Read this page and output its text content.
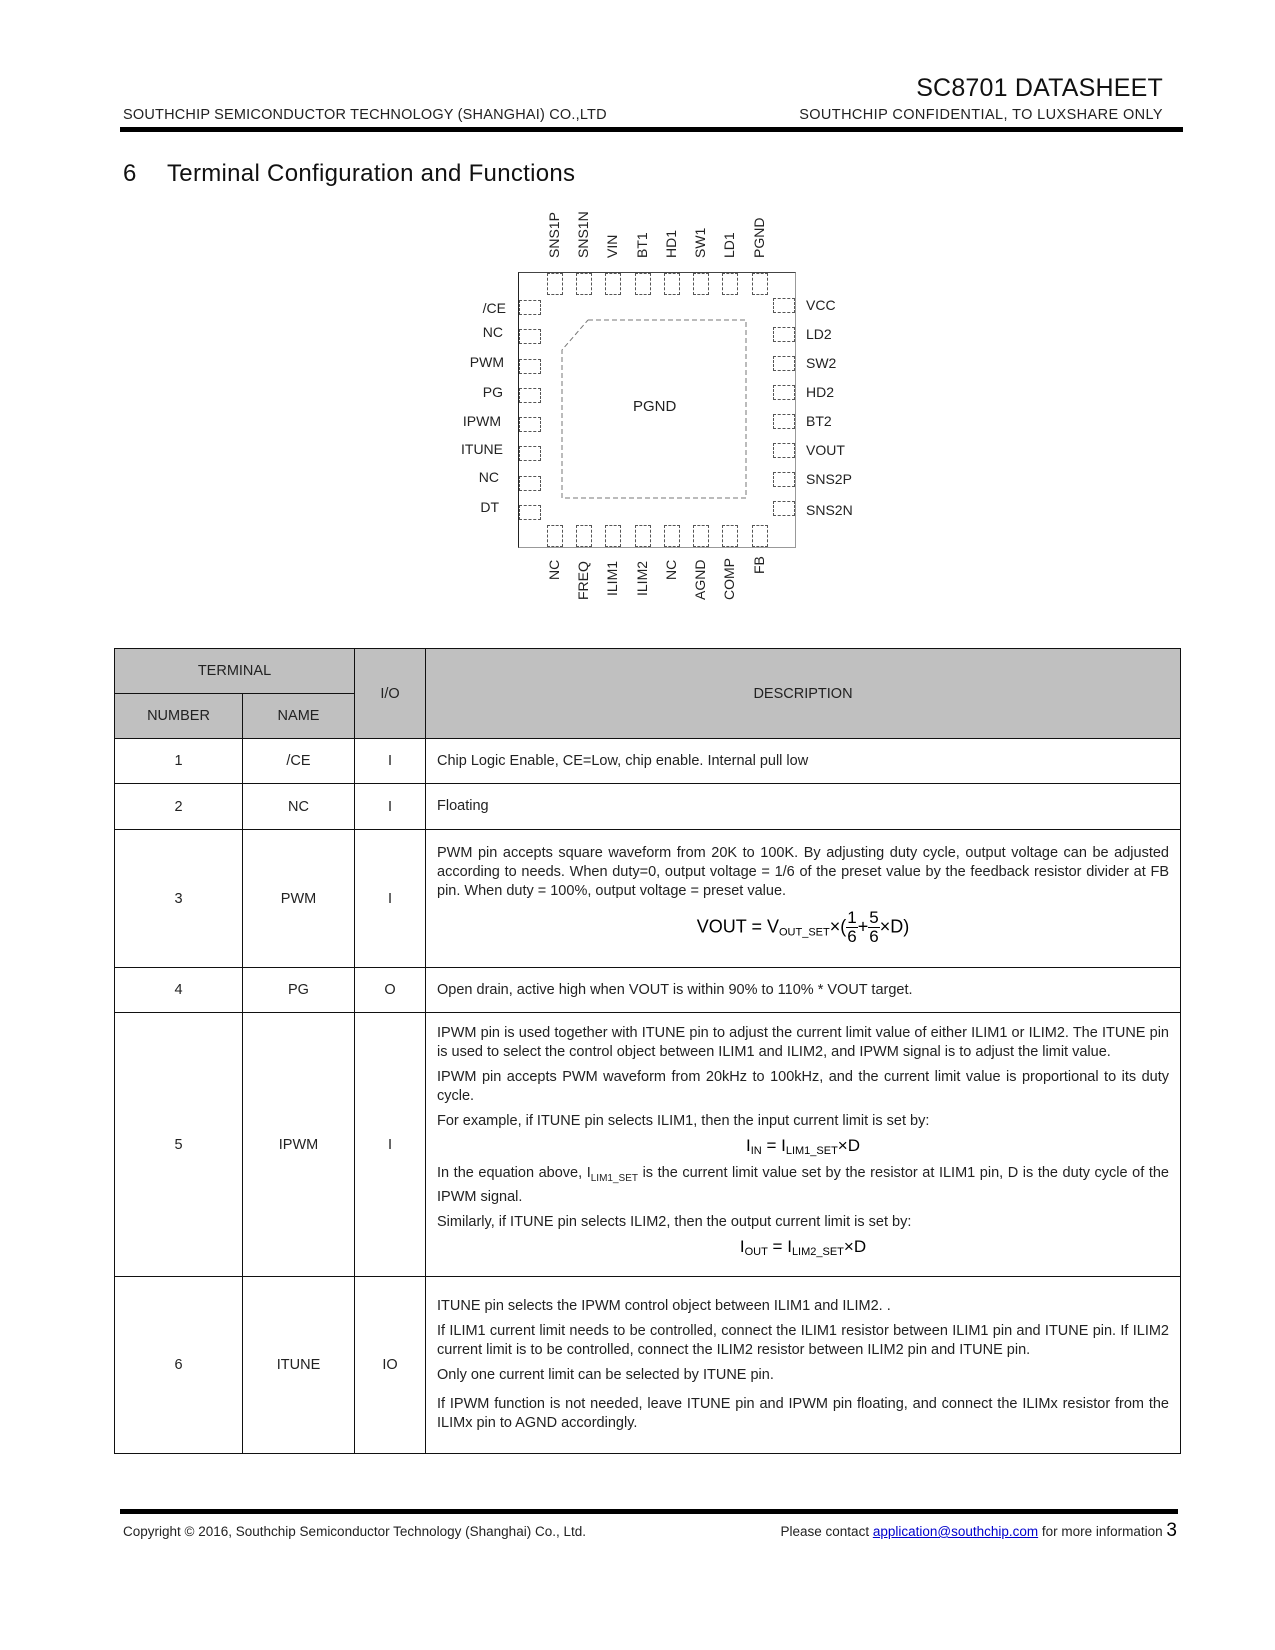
SC8701 DATASHEET
SOUTHCHIP SEMICONDUCTOR TECHNOLOGY (SHANGHAI) CO.,LTD	SOUTHCHIP CONFIDENTIAL, TO LUXSHARE ONLY
6 Terminal Configuration and Functions
PGND
SNS1P SNS1N VIN BT1 HD1 SW1 LD1 PGND
/CE
NC
PWM
PG
IPWM
ITUNE
NC
DT
VCC
LD2
SW2
HD2
BT2
VOUT
SNS2P
SNS2N
NC FREQ ILIM1 ILIM2 NC AGND COMP FB
TERMINAL		I/O	DESCRIPTION
NUMBER	NAME		
1	/CE	I	Chip Logic Enable, CE=Low, chip enable. Internal pull low

2	NC	I	Floating

3	PWM	I	

PWM pin accepts square waveform from 20K to 100K. By adjusting duty cycle, output voltage can be adjusted according to needs. When duty=0, output voltage = 1/6 of the preset value by the feedback resistor divider at FB pin. When duty = 100%, output voltage = preset value.

VOUT = $V_{OUT\_SET}\times( \frac{1}{6} + \frac{5}{6} \times D)$

4	PG	O	Open drain, active high when VOUT is within 90% to 110% * VOUT target.

5	IPWM	I	

IPWM pin is used together with ITUNE pin to adjust the current limit value of either ILIM1 or ILIM2. The ITUNE pin is used to select the control object between ILIM1 and ILIM2, and IPWM signal is to adjust the limit value.

IPWM pin accepts PWM waveform from 20kHz to 100kHz, and the current limit value is proportional to its duty cycle.

For example, if ITUNE pin selects ILIM1, then the input current limit is set by:

$I_{IN} = I_{LIM1\_SET}\times D$

In the equation above, $I_{LIM1\_SET}$ is the current limit value set by the resistor at ILIM1 pin, D is the duty cycle of the IPWM signal.

Similarly, if ITUNE pin selects ILIM2, then the output current limit is set by:

$I_{OUT} = I_{LIM2\_SET}\times D$

6	ITUNE	IO	ITUNE pin selects the IPWM control object between ILIM1 and ILIM2. .

If ILIM1 current limit needs to be controlled, connect the ILIM1 resistor between ILIM1 pin and ITUNE pin. If ILIM2 current limit is to be controlled, connect the ILIM2 resistor between ILIM2 pin and ITUNE pin.

Only one current limit can be selected by ITUNE pin.

If IPWM function is not needed, leave ITUNE pin and IPWM pin floating, and connect the ILIMx resistor from the ILIMx pin to AGND accordingly.

Copyright © 2016, Southchip Semiconductor Technology (Shanghai) Co., Ltd.	Please contact application@southchip.com for more information 3
